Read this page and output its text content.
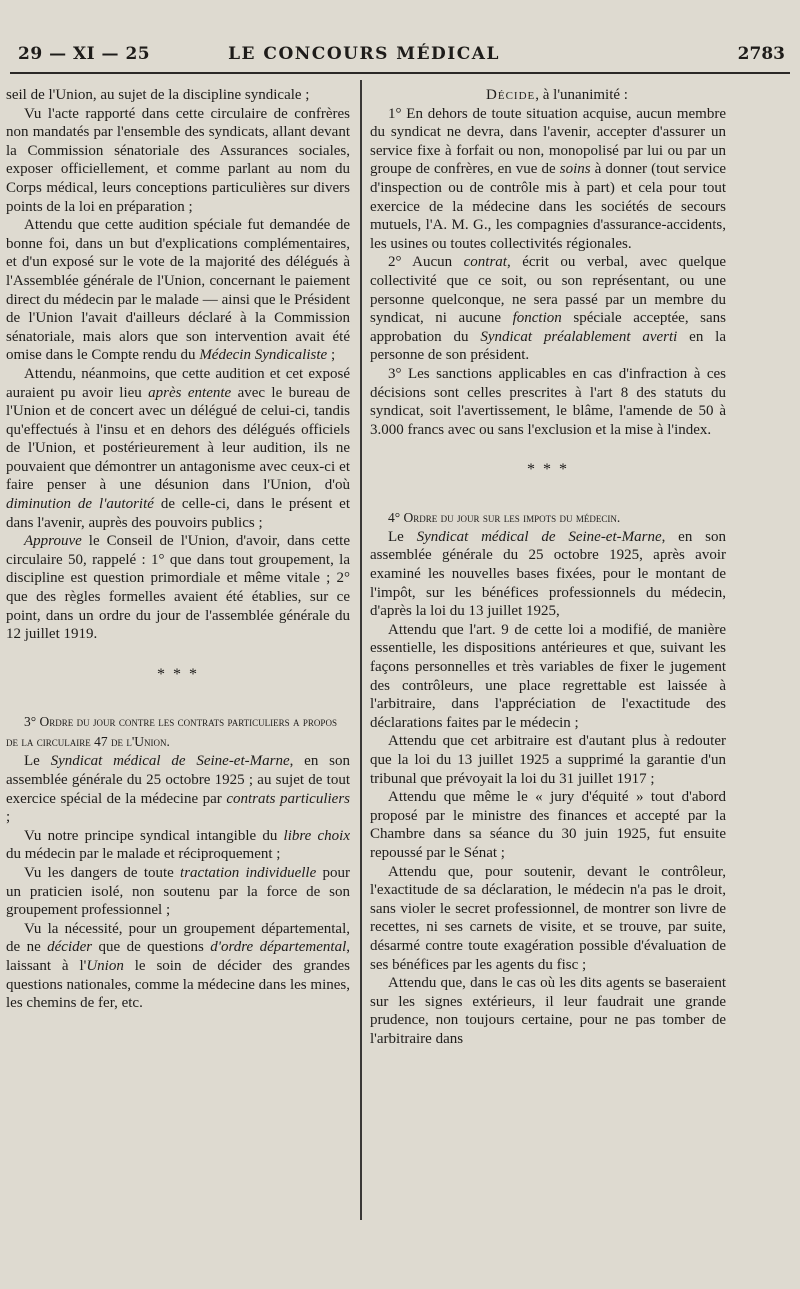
29 — XI — 25	LE CONCOURS MÉDICAL	2783

seil de l'Union, au sujet de la discipline syndicale ;

Vu l'acte rapporté dans cette circulaire de confrères non mandatés par l'ensemble des syndicats, allant devant la Commission sénatoriale des Assurances sociales, exposer officiellement, et comme parlant au nom du Corps médical, leurs conceptions particulières sur divers points de la loi en préparation ;

Attendu que cette audition spéciale fut demandée de bonne foi, dans un but d'explications complémentaires, et d'un exposé sur le vote de la majorité des délégués à l'Assemblée générale de l'Union, concernant le paiement direct du médecin par le malade — ainsi que le Président de l'Union l'avait d'ailleurs déclaré à la Commission sénatoriale, mais alors que son intervention avait été omise dans le Compte rendu du Médecin Syndicaliste ;

Attendu, néanmoins, que cette audition et cet exposé auraient pu avoir lieu après entente avec le bureau de l'Union et de concert avec un délégué de celui-ci, tandis qu'effectués à l'insu et en dehors des délégués officiels de l'Union, et postérieurement à leur audition, ils ne pouvaient que démontrer un antagonisme avec ceux-ci et faire penser à une désunion dans l'Union, d'où diminution de l'autorité de celle-ci, dans le présent et dans l'avenir, auprès des pouvoirs publics ;

Approuve le Conseil de l'Union, d'avoir, dans cette circulaire 50, rappelé : 1° que dans tout groupement, la discipline est question primordiale et même vitale ; 2° que des règles formelles avaient été établies, sur ce point, dans un ordre du jour de l'assemblée générale du 12 juillet 1919.

* * *

3° Ordre du jour contre les contrats particuliers a propos de la circulaire 47 de l'Union.

Le Syndicat médical de Seine-et-Marne, en son assemblée générale du 25 octobre 1925 ; au sujet de tout exercice spécial de la médecine par contrats particuliers ;

Vu notre principe syndical intangible du libre choix du médecin par le malade et réciproquement ;

Vu les dangers de toute tractation individuelle pour un praticien isolé, non soutenu par la force de son groupement professionnel ;

Vu la nécessité, pour un groupement départemental, de ne décider que de questions d'ordre départemental, laissant à l'Union le soin de décider des grandes questions nationales, comme la médecine dans les mines, les chemins de fer, etc.

Décide, à l'unanimité :

1° En dehors de toute situation acquise, aucun membre du syndicat ne devra, dans l'avenir, accepter d'assurer un service fixe à forfait ou non, monopolisé par lui ou par un groupe de confrères, en vue de soins à donner (tout service d'inspection ou de contrôle mis à part) et cela pour tout exercice de la médecine dans les sociétés de secours mutuels, l'A. M. G., les compagnies d'assurance-accidents, les usines ou toutes collectivités régionales.

2° Aucun contrat, écrit ou verbal, avec quelque collectivité que ce soit, ou son représentant, ou une personne quelconque, ne sera passé par un membre du syndicat, ni aucune fonction spéciale acceptée, sans approbation du Syndicat préalablement averti en la personne de son président.

3° Les sanctions applicables en cas d'infraction à ces décisions sont celles prescrites à l'art 8 des statuts du syndicat, soit l'avertissement, le blâme, l'amende de 50 à 3.000 francs avec ou sans l'exclusion et la mise à l'index.

* * *

4° Ordre du jour sur les impots du médecin.

Le Syndicat médical de Seine-et-Marne, en son assemblée générale du 25 octobre 1925, après avoir examiné les nouvelles bases fixées, pour le montant de l'impôt, sur les bénéfices professionnels du médecin, d'après la loi du 13 juillet 1925,

Attendu que l'art. 9 de cette loi a modifié, de manière essentielle, les dispositions antérieures et que, suivant les façons personnelles et très variables de fixer le jugement des contrôleurs, une place regrettable est laissée à l'arbitraire, dans l'appréciation de l'exactitude des déclarations faites par le médecin ;

Attendu que cet arbitraire est d'autant plus à redouter que la loi du 13 juillet 1925 a supprimé la garantie d'un tribunal que prévoyait la loi du 31 juillet 1917 ;

Attendu que même le « jury d'équité » tout d'abord proposé par le ministre des finances et accepté par la Chambre dans sa séance du 30 juin 1925, fut ensuite repoussé par le Sénat ;

Attendu que, pour soutenir, devant le contrôleur, l'exactitude de sa déclaration, le médecin n'a pas le droit, sans violer le secret professionnel, de montrer son livre de recettes, ni ses carnets de visite, et se trouve, par suite, désarmé contre toute exagération possible d'évaluation de ses bénéfices par les agents du fisc ;

Attendu que, dans le cas où les dits agents se baseraient sur les signes extérieurs, il leur faudrait une grande prudence, non toujours certaine, pour ne pas tomber de l'arbitraire dans
